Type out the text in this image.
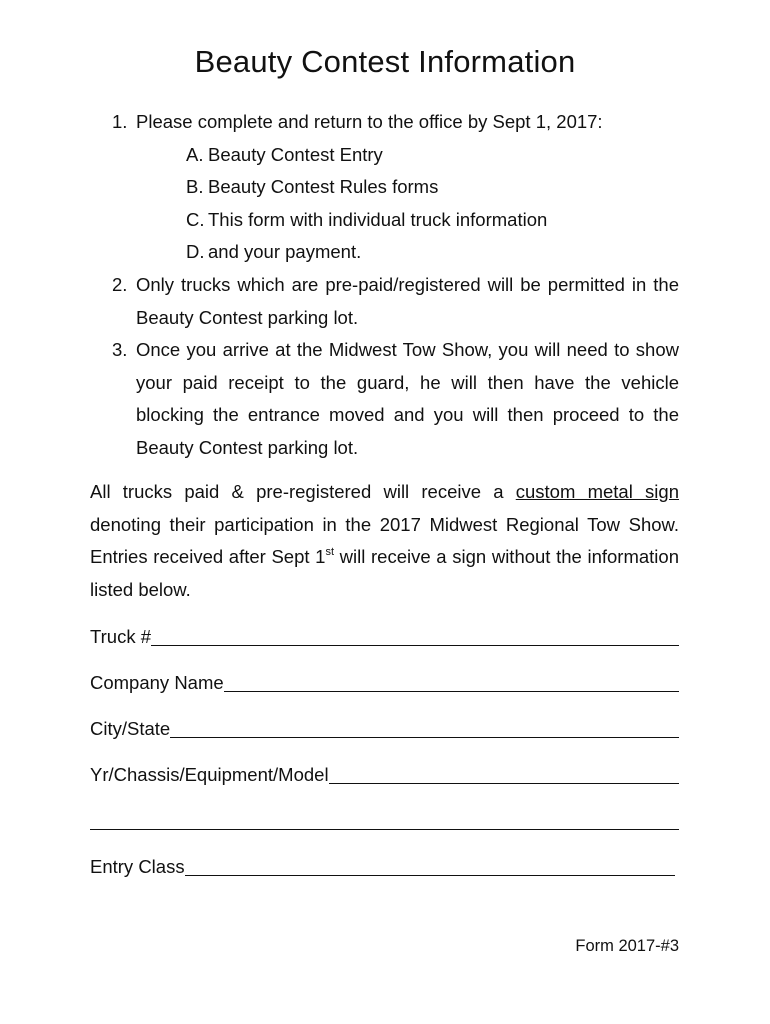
Beauty Contest Information
1. Please complete and return to the office by Sept 1, 2017:
A. Beauty Contest Entry
B. Beauty Contest Rules forms
C. This form with individual truck information
D. and your payment.
2. Only trucks which are pre-paid/registered will be permitted in the Beauty Contest parking lot.
3. Once you arrive at the Midwest Tow Show, you will need to show your paid receipt to the guard, he will then have the vehicle blocking the entrance moved and you will then proceed to the Beauty Contest parking lot.
All trucks paid & pre-registered will receive a custom metal sign denoting their participation in the 2017 Midwest Regional Tow Show. Entries received after Sept 1st will receive a sign without the information listed below.
Truck #
Company Name
City/State
Yr/Chassis/Equipment/Model
Entry Class
Form 2017-#3
